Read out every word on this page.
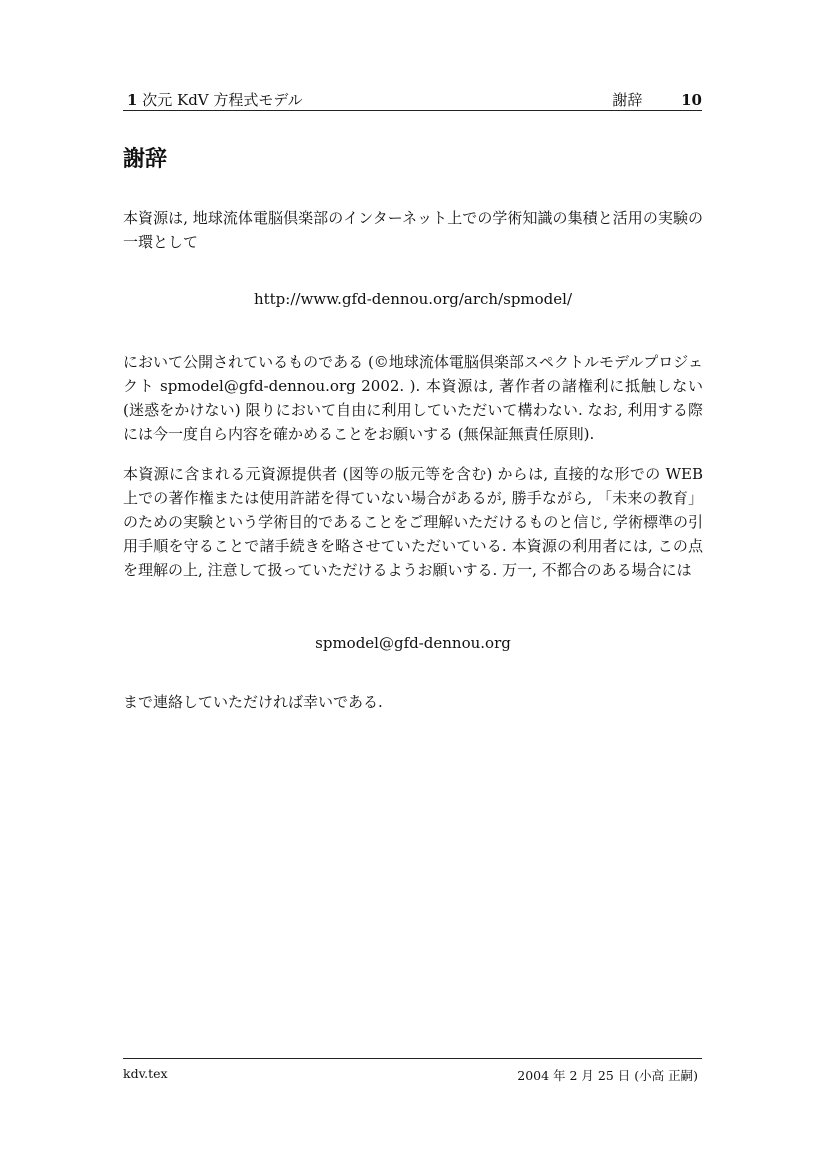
1 次元 KdV 方程式モデル	謝辞	10
謝辞
本資源は, 地球流体電脳倶楽部のインターネット上での学術知識の集積と活用の実験の一環として
http://www.gfd-dennou.org/arch/spmodel/
において公開されているものである (©地球流体電脳倶楽部スペクトルモデルプロジェクト spmodel@gfd-dennou.org 2002. ). 本資源は, 著作者の諸権利に抵触しない (迷惑をかけない) 限りにおいて自由に利用していただいて構わない. なお, 利用する際には今一度自ら内容を確かめることをお願いする (無保証無責任原則).
本資源に含まれる元資源提供者 (図等の版元等を含む) からは, 直接的な形での WEB 上での著作権または使用許諾を得ていない場合があるが, 勝手ながら, 「未来の教育」のための実験という学術目的であることをご理解いただけるものと信じ, 学術標準の引用手順を守ることで諸手続きを略させていただいている. 本資源の利用者には, この点を理解の上, 注意して扱っていただけるようお願いする. 万一, 不都合のある場合には
spmodel@gfd-dennou.org
まで連絡していただければ幸いである.
kdv.tex	2004 年 2 月 25 日 (小高 正嗣)
